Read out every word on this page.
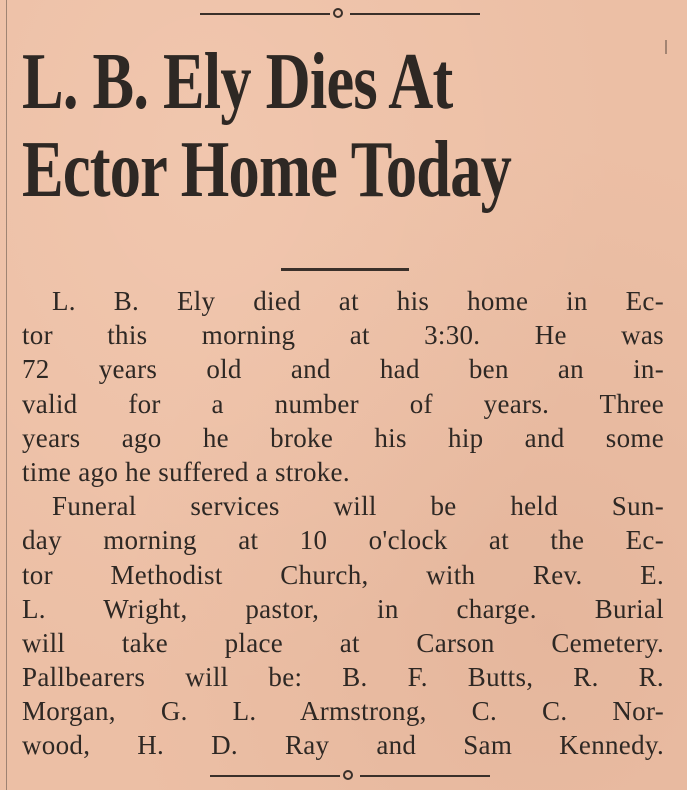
L. B. Ely Dies At
Ector Home Today
L. B. Ely died at his home in Ec-
tor this morning at 3:30. He was
72 years old and had ben an in-
valid for a number of years. Three
years ago he broke his hip and some
time ago he suffered a stroke.
Funeral services will be held Sun-
day morning at 10 o'clock at the Ec-
tor Methodist Church, with Rev. E.
L. Wright, pastor, in charge. Burial
will take place at Carson Cemetery.
Pallbearers will be: B. F. Butts, R. R.
Morgan, G. L. Armstrong, C. C. Nor-
wood, H. D. Ray and Sam Kennedy.
